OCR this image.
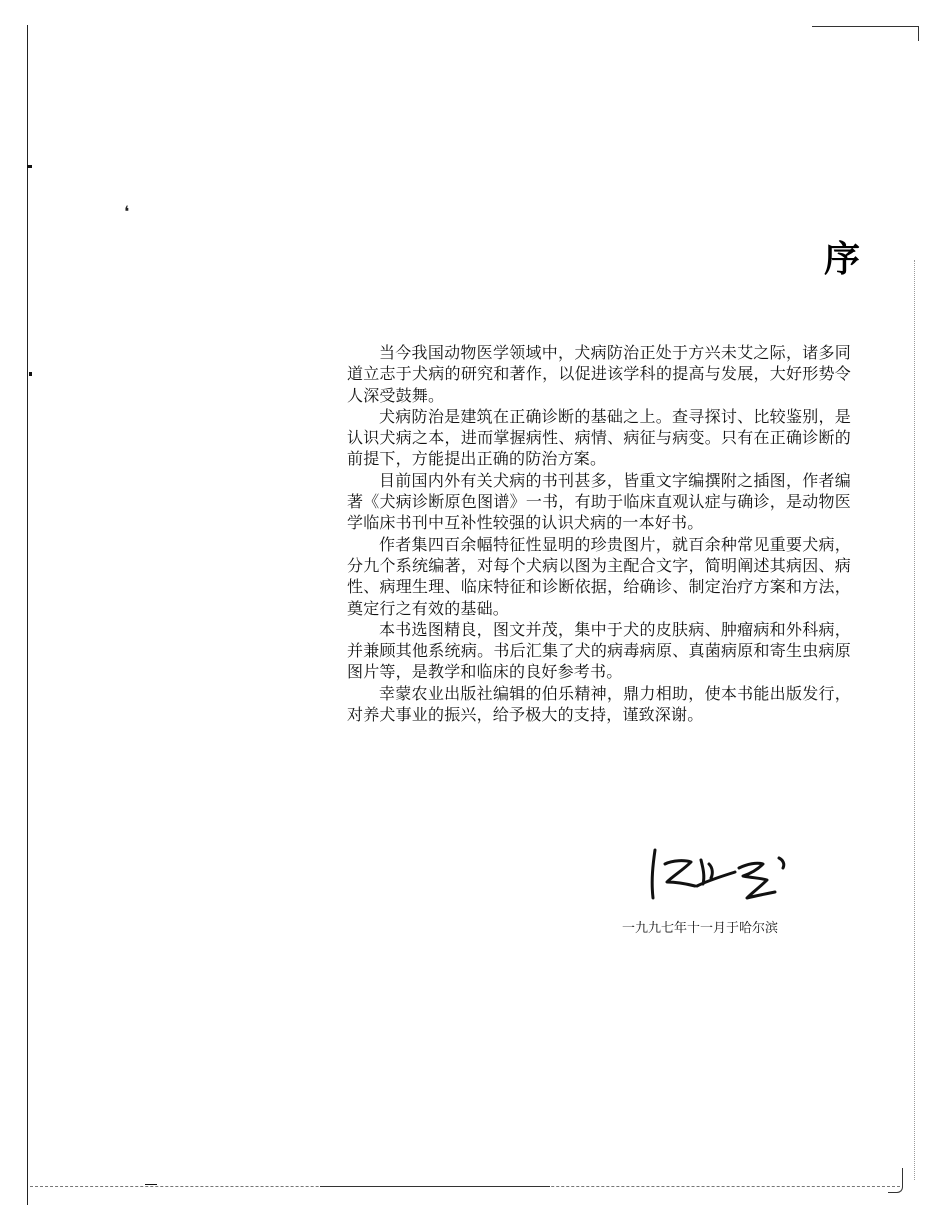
❛
序

当今我国动物医学领域中，犬病防治正处于方兴未艾之际，诸多同道立志于犬病的研究和著作，以促进该学科的提高与发展，大好形势令人深受鼓舞。

犬病防治是建筑在正确诊断的基础之上。查寻探讨、比较鉴别，是认识犬病之本，进而掌握病性、病情、病征与病变。只有在正确诊断的前提下，方能提出正确的防治方案。

目前国内外有关犬病的书刊甚多，皆重文字编撰附之插图，作者编著《犬病诊断原色图谱》一书，有助于临床直观认症与确诊，是动物医学临床书刊中互补性较强的认识犬病的一本好书。

作者集四百余幅特征性显明的珍贵图片，就百余种常见重要犬病，分九个系统编著，对每个犬病以图为主配合文字，简明阐述其病因、病性、病理生理、临床特征和诊断依据，给确诊、制定治疗方案和方法，奠定行之有效的基础。

本书选图精良，图文并茂，集中于犬的皮肤病、肿瘤病和外科病，并兼顾其他系统病。书后汇集了犬的病毒病原、真菌病原和寄生虫病原图片等，是教学和临床的良好参考书。

幸蒙农业出版社编辑的伯乐精神，鼎力相助，使本书能出版发行，对养犬事业的振兴，给予极大的支持，谨致深谢。

一九九七年十一月于哈尔滨
